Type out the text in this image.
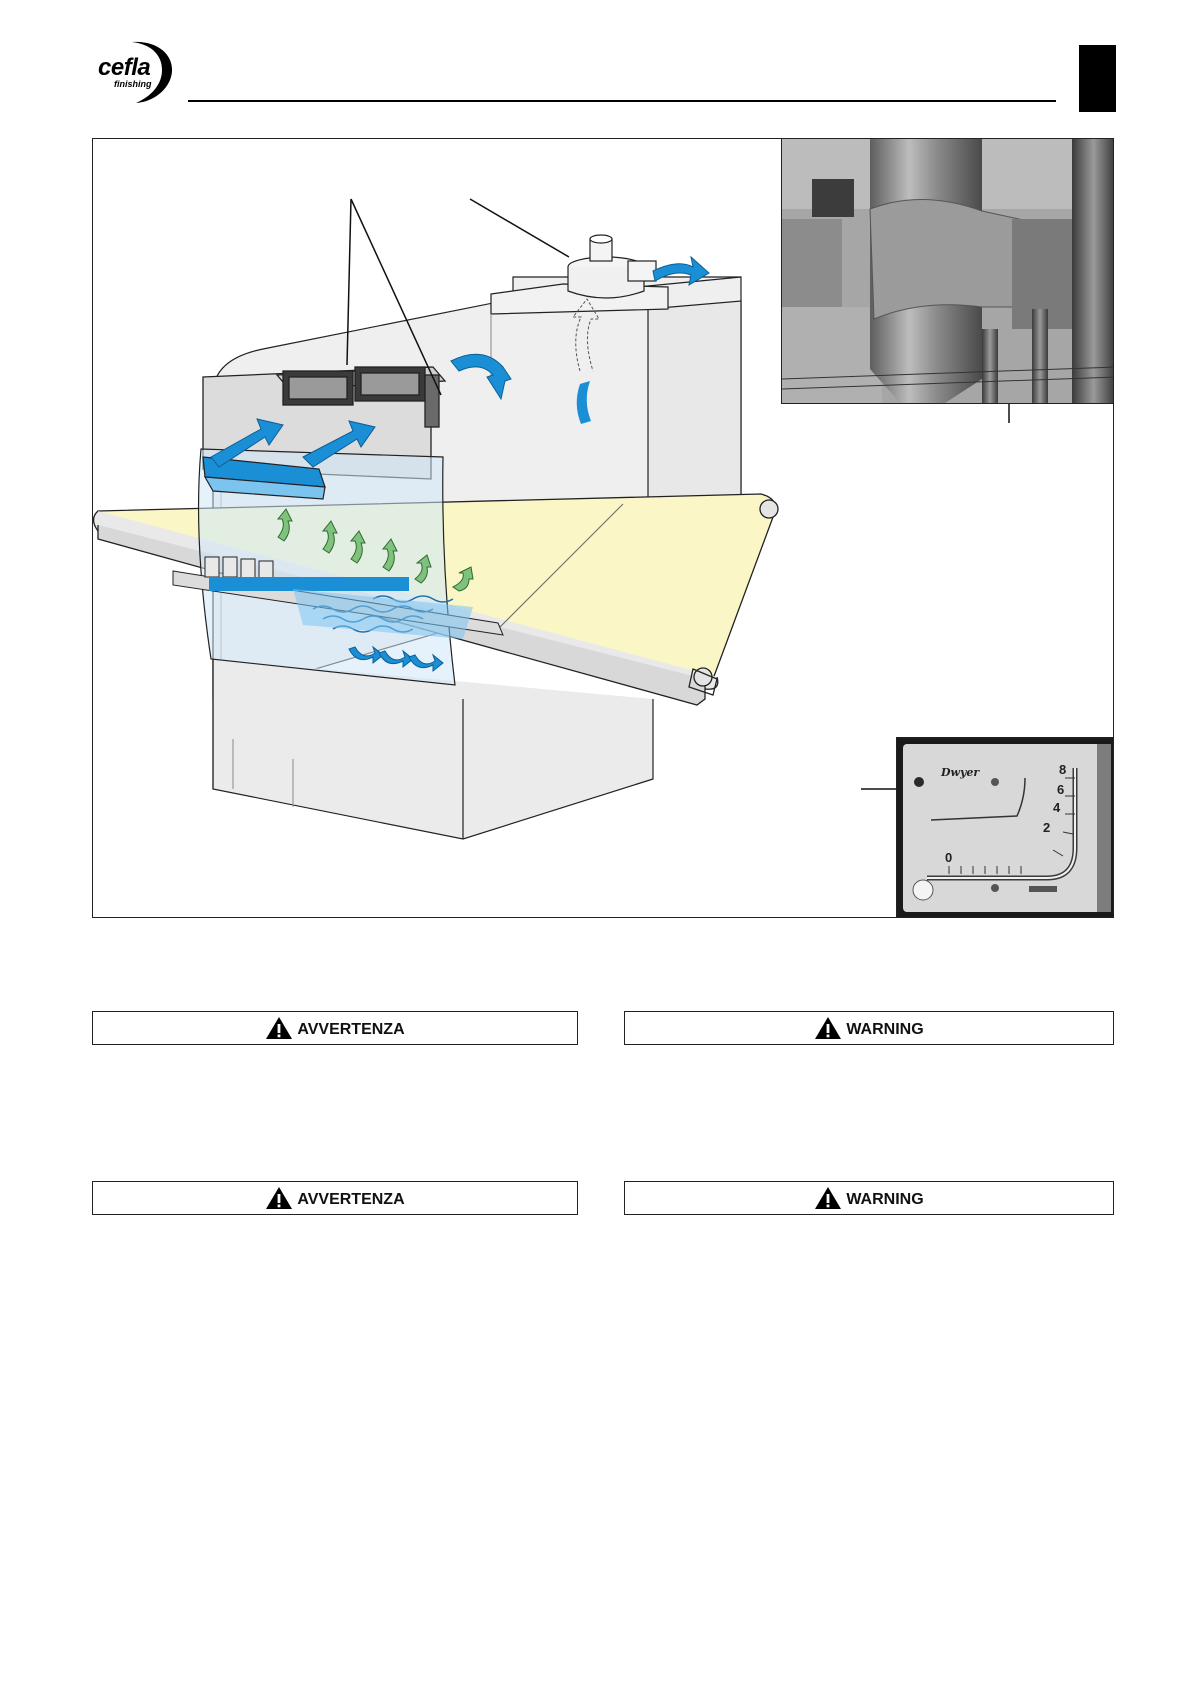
cefla
finishing
Dwyer	8
6
4
2
0
AVVERTENZA	WARNING
AVVERTENZA	WARNING
